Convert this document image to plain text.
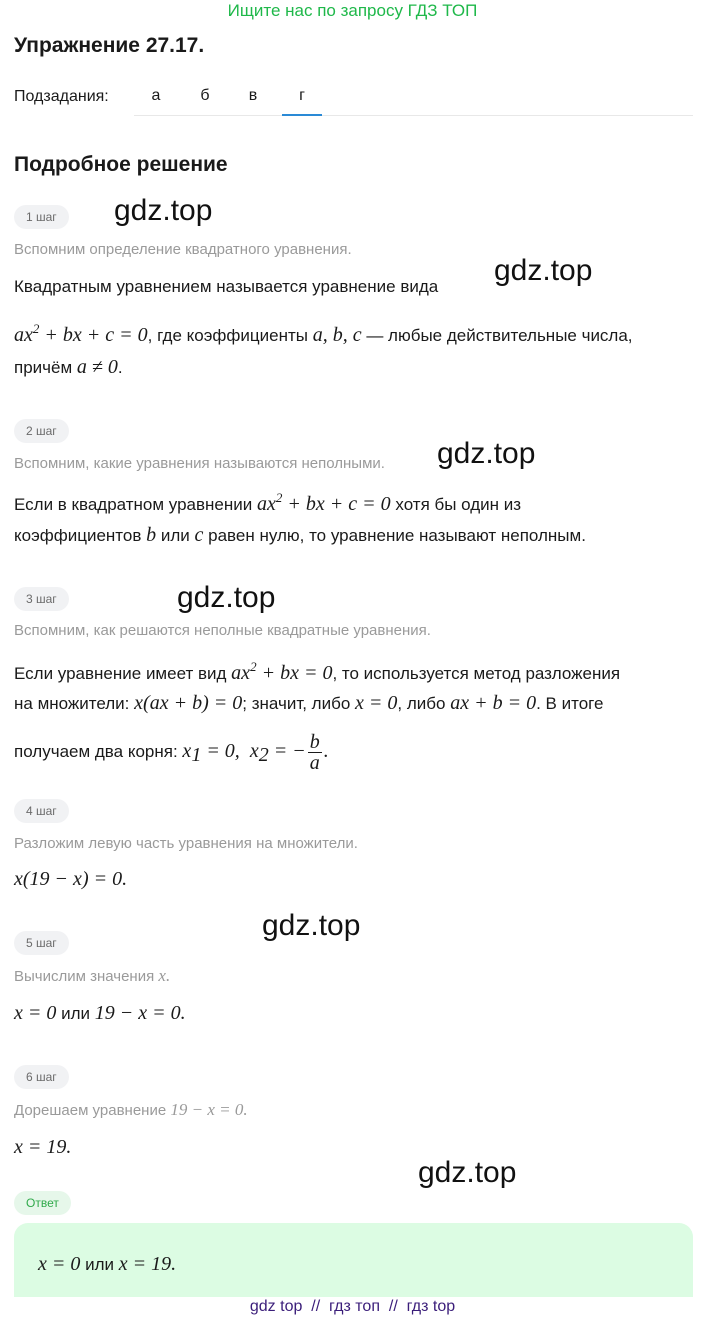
Ищите нас по запросу ГДЗ ТОП
Упражнение 27.17.
Подзадания:	а	б	в	г
Подробное решение
gdz.top
gdz.top
gdz.top
gdz.top
gdz.top
gdz.top
1 шаг
Вспомним определение квадратного уравнения.
Квадратным уравнением называется уравнение вида
$ax^2$ + bx + c = 0, где коэффициенты a, b, c — любые действительные числа,
причём a ≠ 0.
2 шаг
Вспомним, какие уравнения называются неполными.
Если в квадратном уравнении $ax^2$ + bx + c = 0 хотя бы один из
коэффициентов b или c равен нулю, то уравнение называют неполным.
3 шаг
Вспомним, как решаются неполные квадратные уравнения.
Если уравнение имеет вид $ax^2$ + bx = 0, то используется метод разложения
на множители: x(ax + b) = 0; значит, либо x = 0, либо ax + b = 0. В итоге
получаем два корня: $x_1 = 0$,  $x_2$ = − $\frac{b}{a}$ .
4 шаг
Разложим левую часть уравнения на множители.
x(19 − x) = 0.
5 шаг
Вычислим значения x.
x = 0 или 19 − x = 0.
6 шаг
Дорешаем уравнение 19 − x = 0.
x = 19.
Ответ
x = 0 или x = 19.
gdz top  //  гдз топ  //  гдз top
